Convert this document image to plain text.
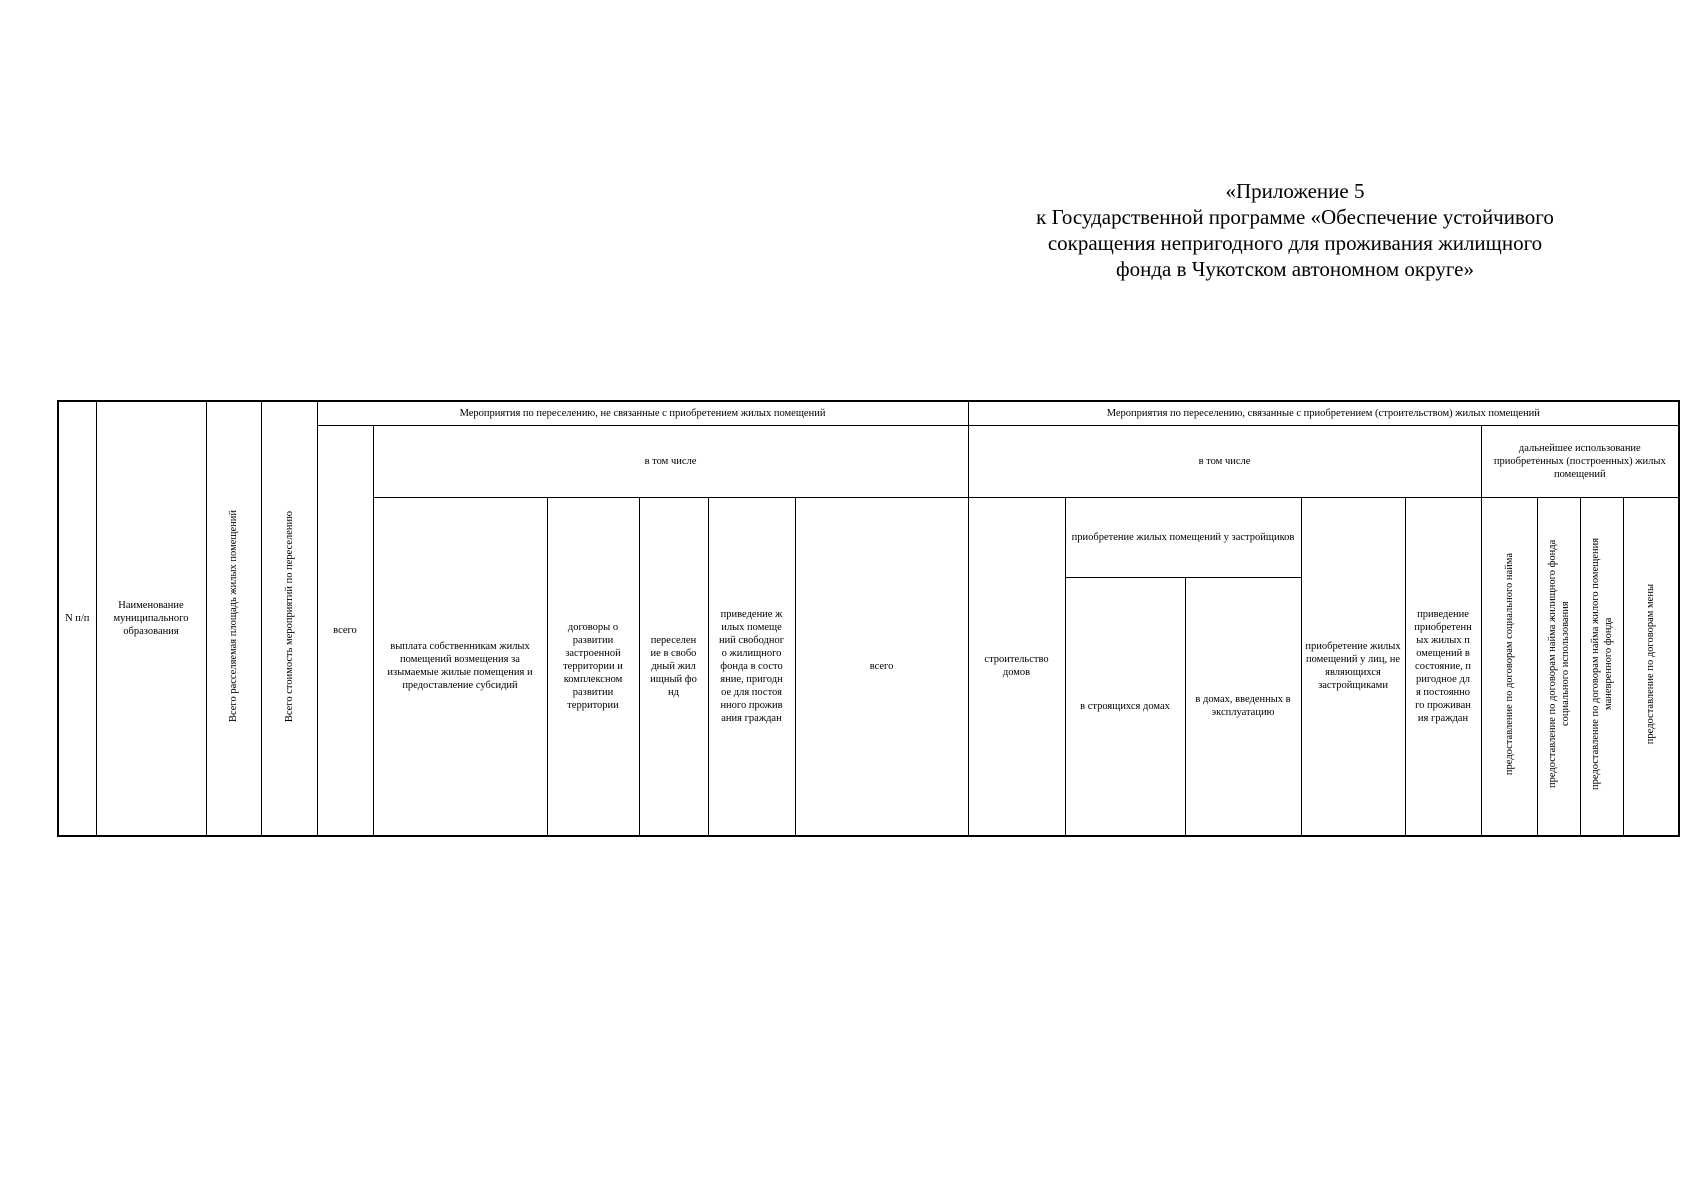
«Приложение 5
к Государственной программе «Обеспечение устойчивого
сокращения непригодного для проживания жилищного
фонда в Чукотском автономном округе»
N п/п	Наименование муниципального образования	Всего расселяемая площадь жилых помещений	Всего стоимость мероприятий по переселению	Мероприятия по переселению, не связанные с приобретением жилых помещений						Мероприятия по переселению, связанные с приобретением (строительством) жилых помещений								
				всего	в том числе					в том числе					дальнейшее использование приобретенных (построенных) жилых помещений			
					выплата собственникам жилых помещений возмещения за изымаемые жилые помещения и предоставление субсидий	договоры о развитии застроенной территории и комплексном развитии территории	переселение в свободный жилищный фонд	приведение жилых помещений свободного жилищного фонда в состояние, пригодное для постоянного проживания граждан	всего	строительство домов	приобретение жилых помещений у застройщиков		приобретение жилых помещений у лиц, не являющихся застройщиками	приведение приобретенных жилых помещений в состояние, пригодное для постоянного проживания граждан	предоставление по договорам социального найма	предоставление по договорам найма жилищного фонда социального использования	предоставление по договорам найма жилого помещения маневренного фонда	предоставление по договорам мены
											в строящихся домах	в домах, введенных в эксплуатацию						
